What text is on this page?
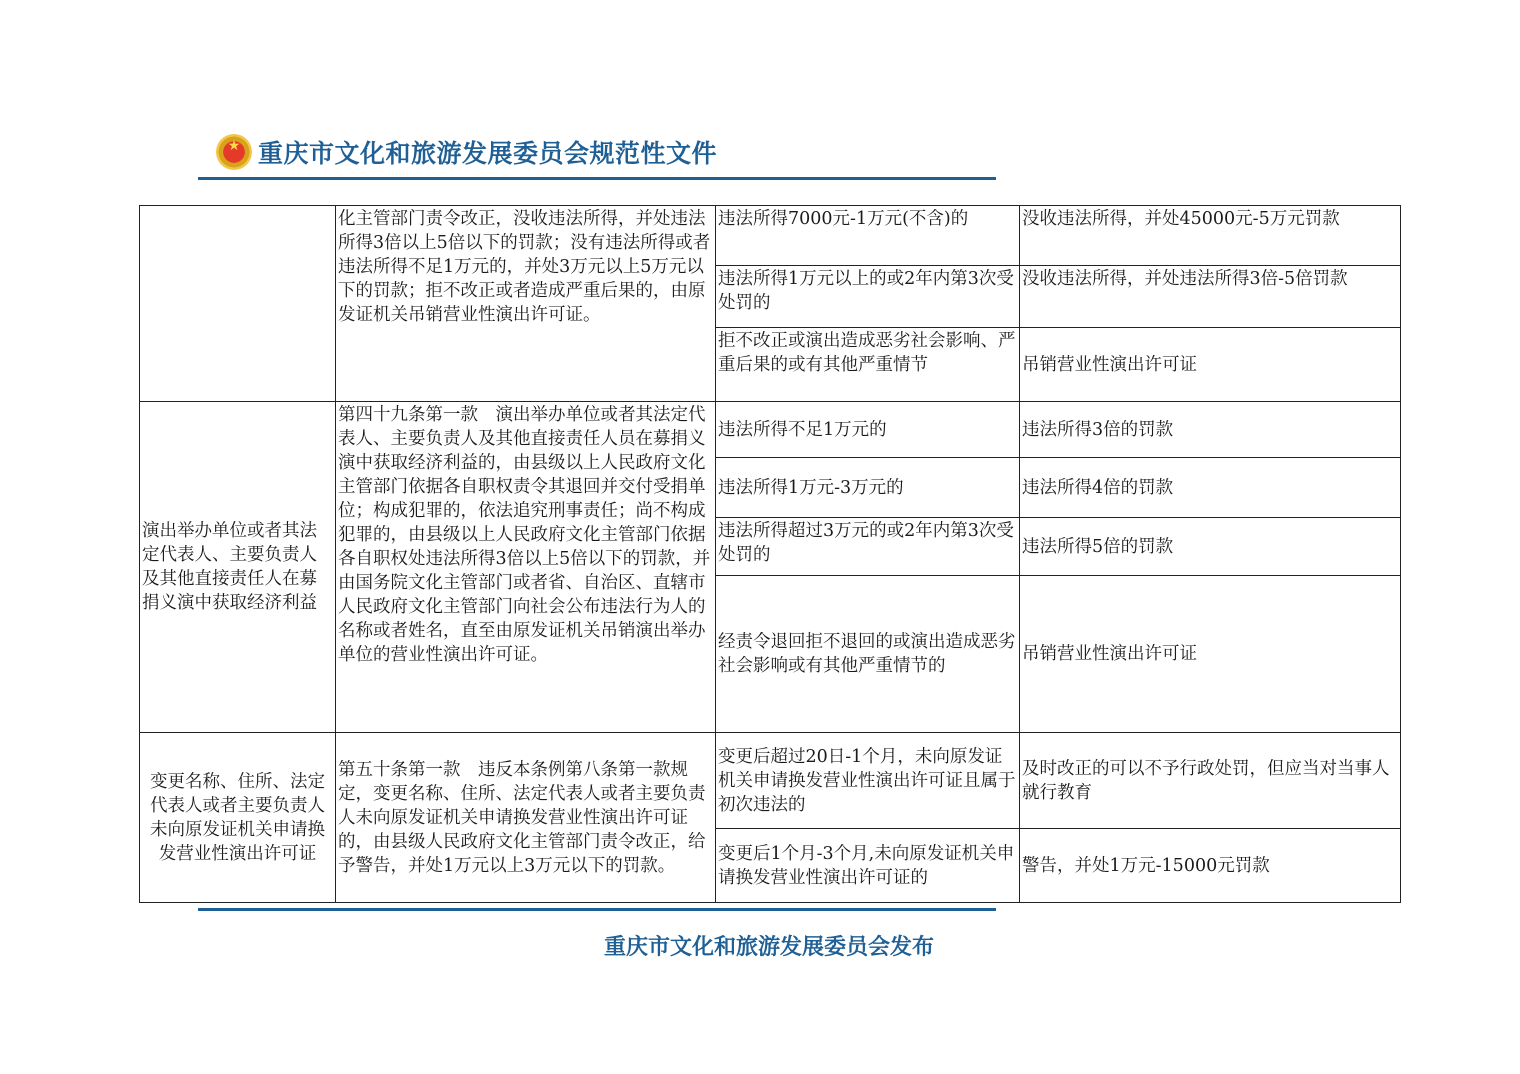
★
重庆市文化和旅游发展委员会规范性文件
	化主管部门责令改正，没收违法所得，并处违法所得3倍以上5倍以下的罚款；没有违法所得或者违法所得不足1万元的，并处3万元以上5万元以下的罚款；拒不改正或者造成严重后果的，由原发证机关吊销营业性演出许可证。	违法所得7000元-1万元(不含)的	没收违法所得，并处45000元-5万元罚款
		违法所得1万元以上的或2年内第3次受处罚的	没收违法所得，并处违法所得3倍-5倍罚款
		拒不改正或演出造成恶劣社会影响、严重后果的或有其他严重情节	吊销营业性演出许可证
演出举办单位或者其法定代表人、主要负责人及其他直接责任人在募捐义演中获取经济利益	第四十九条第一款　演出举办单位或者其法定代表人、主要负责人及其他直接责任人员在募捐义演中获取经济利益的，由县级以上人民政府文化主管部门依据各自职权责令其退回并交付受捐单位；构成犯罪的，依法追究刑事责任；尚不构成犯罪的，由县级以上人民政府文化主管部门依据各自职权处违法所得3倍以上5倍以下的罚款，并由国务院文化主管部门或者省、自治区、直辖市人民政府文化主管部门向社会公布违法行为人的名称或者姓名，直至由原发证机关吊销演出举办单位的营业性演出许可证。	违法所得不足1万元的	违法所得3倍的罚款
		违法所得1万元-3万元的	违法所得4倍的罚款
		违法所得超过3万元的或2年内第3次受处罚的	违法所得5倍的罚款
		经责令退回拒不退回的或演出造成恶劣社会影响或有其他严重情节的	吊销营业性演出许可证
变更名称、住所、法定代表人或者主要负责人未向原发证机关申请换发营业性演出许可证	第五十条第一款　违反本条例第八条第一款规定，变更名称、住所、法定代表人或者主要负责人未向原发证机关申请换发营业性演出许可证的，由县级人民政府文化主管部门责令改正，给予警告，并处1万元以上3万元以下的罚款。	变更后超过20日-1个月，未向原发证机关申请换发营业性演出许可证且属于初次违法的	及时改正的可以不予行政处罚，但应当对当事人就行教育
		变更后1个月-3个月,未向原发证机关申请换发营业性演出许可证的	警告，并处1万元-15000元罚款
重庆市文化和旅游发展委员会发布
